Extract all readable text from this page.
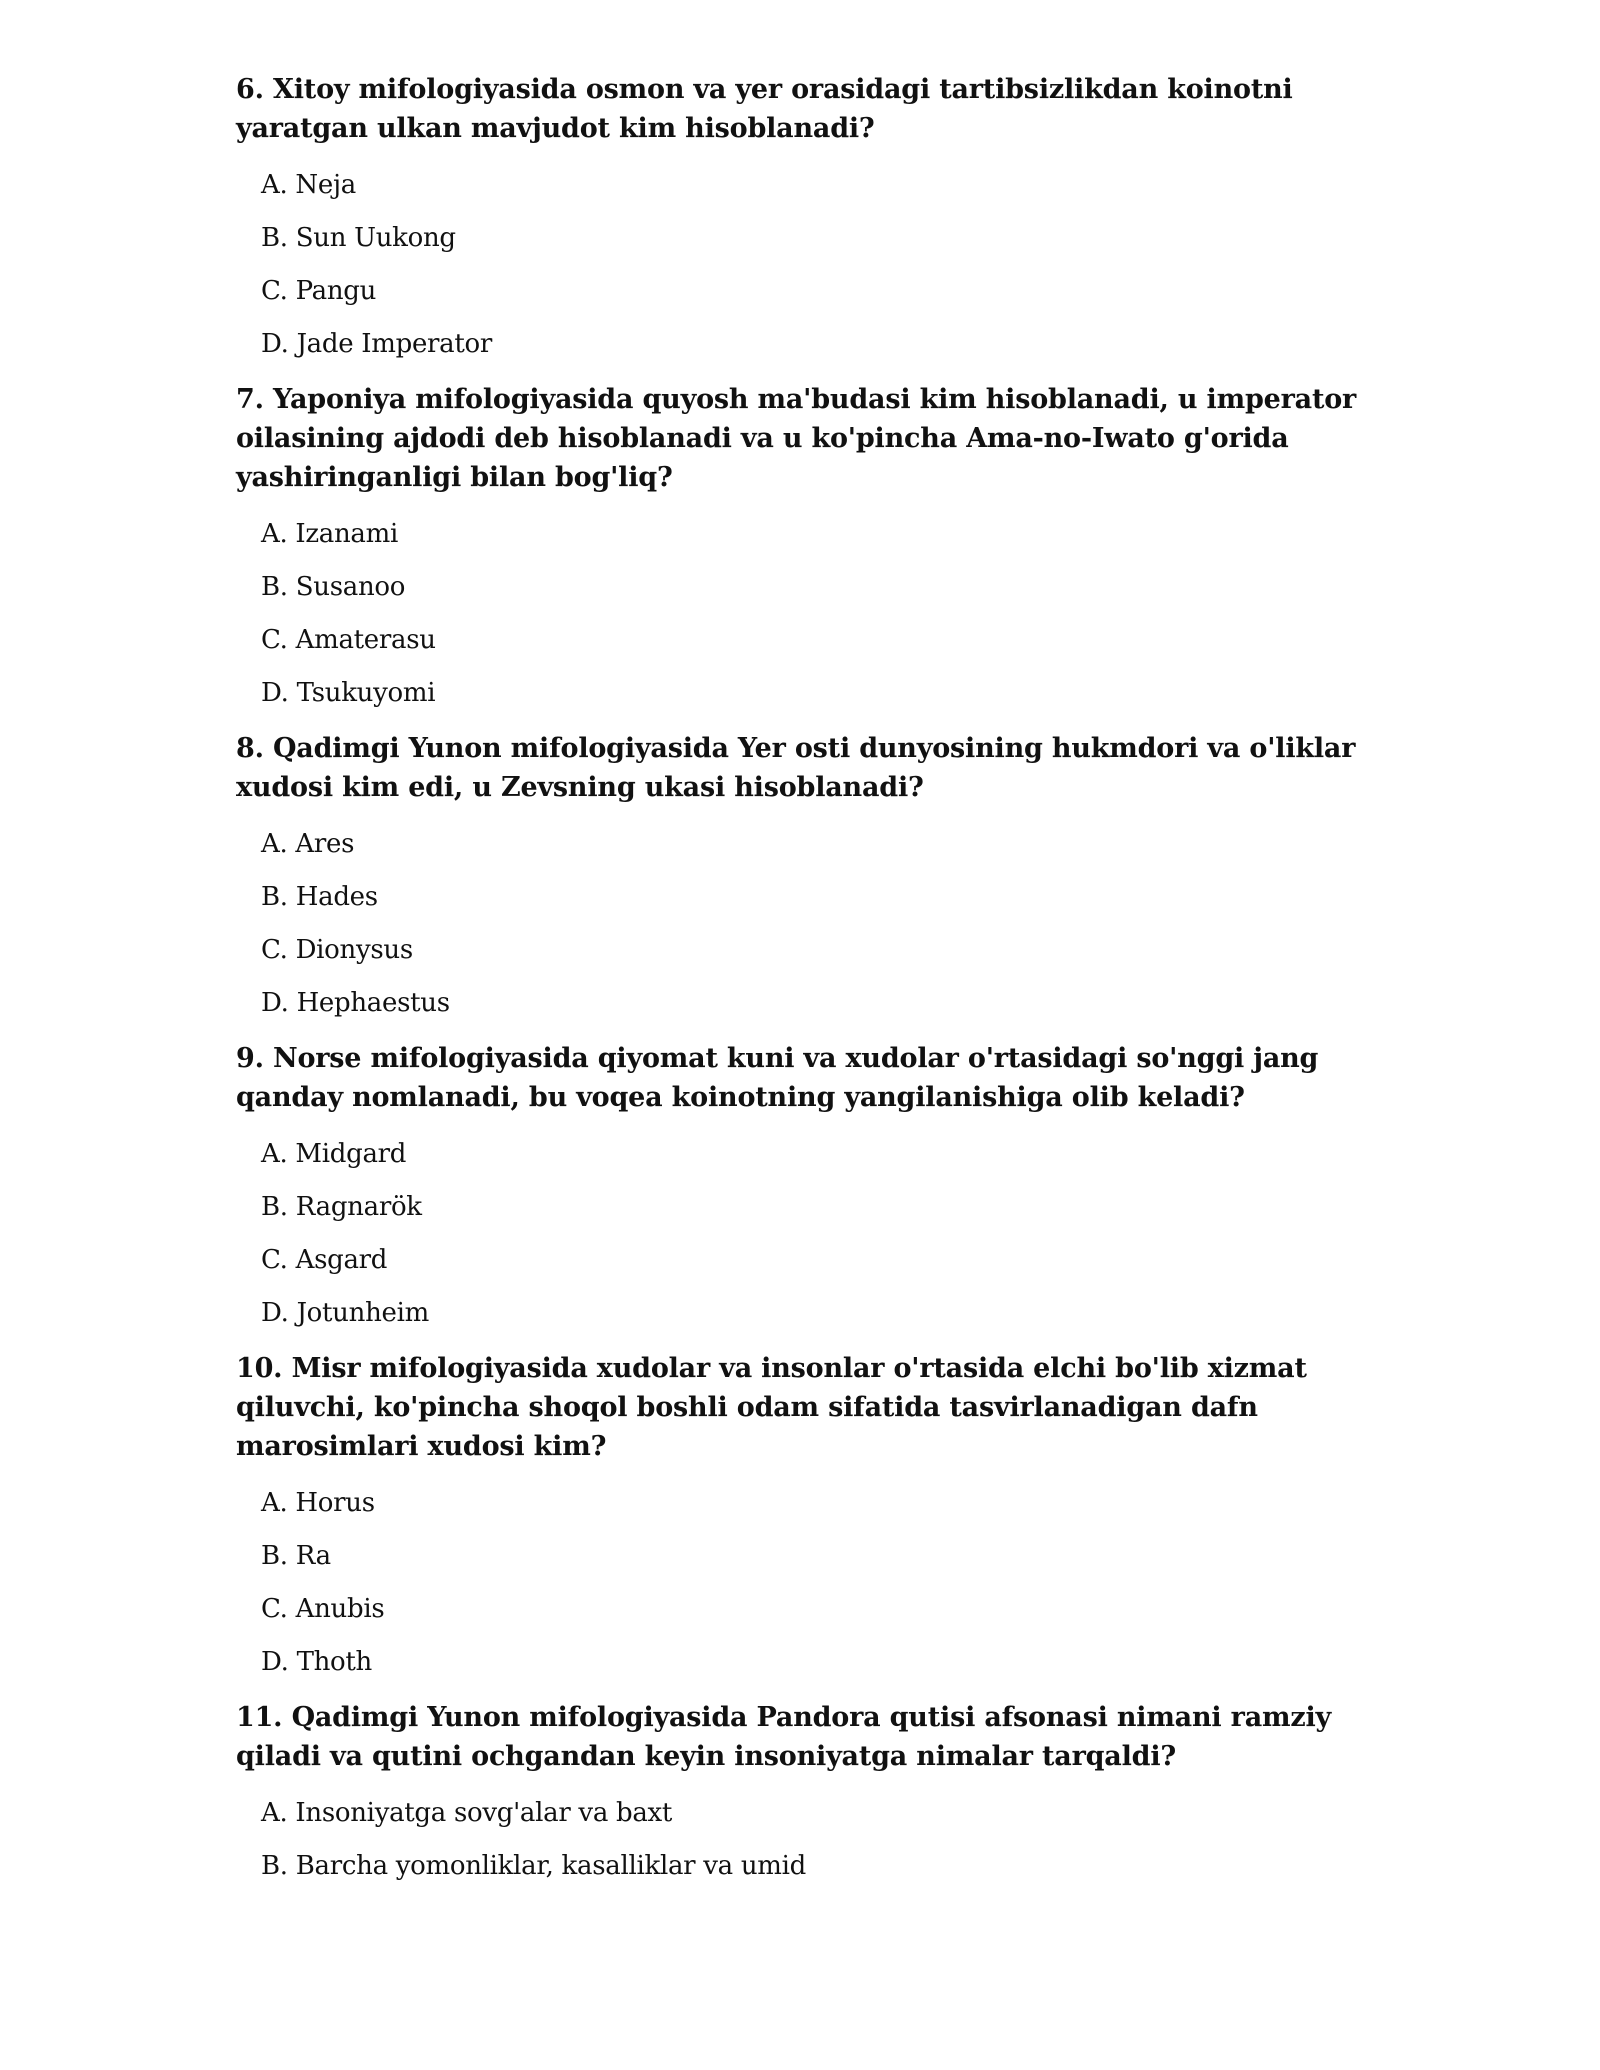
6. Xitoy mifologiyasida osmon va yer orasidagi tartibsizlikdan koinotni yaratgan ulkan mavjudot kim hisoblanadi?

A. Neja
B. Sun Uukong
C. Pangu
D. Jade Imperator

7. Yaponiya mifologiyasida quyosh ma'budasi kim hisoblanadi, u imperator oilasining ajdodi deb hisoblanadi va u ko'pincha Ama-no-Iwato g'orida yashiringanligi bilan bog'liq?

A. Izanami
B. Susanoo
C. Amaterasu
D. Tsukuyomi

8. Qadimgi Yunon mifologiyasida Yer osti dunyosining hukmdori va o'liklar xudosi kim edi, u Zevsning ukasi hisoblanadi?

A. Ares
B. Hades
C. Dionysus
D. Hephaestus

9. Norse mifologiyasida qiyomat kuni va xudolar o'rtasidagi so'nggi jang qanday nomlanadi, bu voqea koinotning yangilanishiga olib keladi?

A. Midgard
B. Ragnarök
C. Asgard
D. Jotunheim

10. Misr mifologiyasida xudolar va insonlar o'rtasida elchi bo'lib xizmat qiluvchi, ko'pincha shoqol boshli odam sifatida tasvirlanadigan dafn marosimlari xudosi kim?

A. Horus
B. Ra
C. Anubis
D. Thoth

11. Qadimgi Yunon mifologiyasida Pandora qutisi afsonasi nimani ramziy qiladi va qutini ochgandan keyin insoniyatga nimalar tarqaldi?

A. Insoniyatga sovg'alar va baxt
B. Barcha yomonliklar, kasalliklar va umid
